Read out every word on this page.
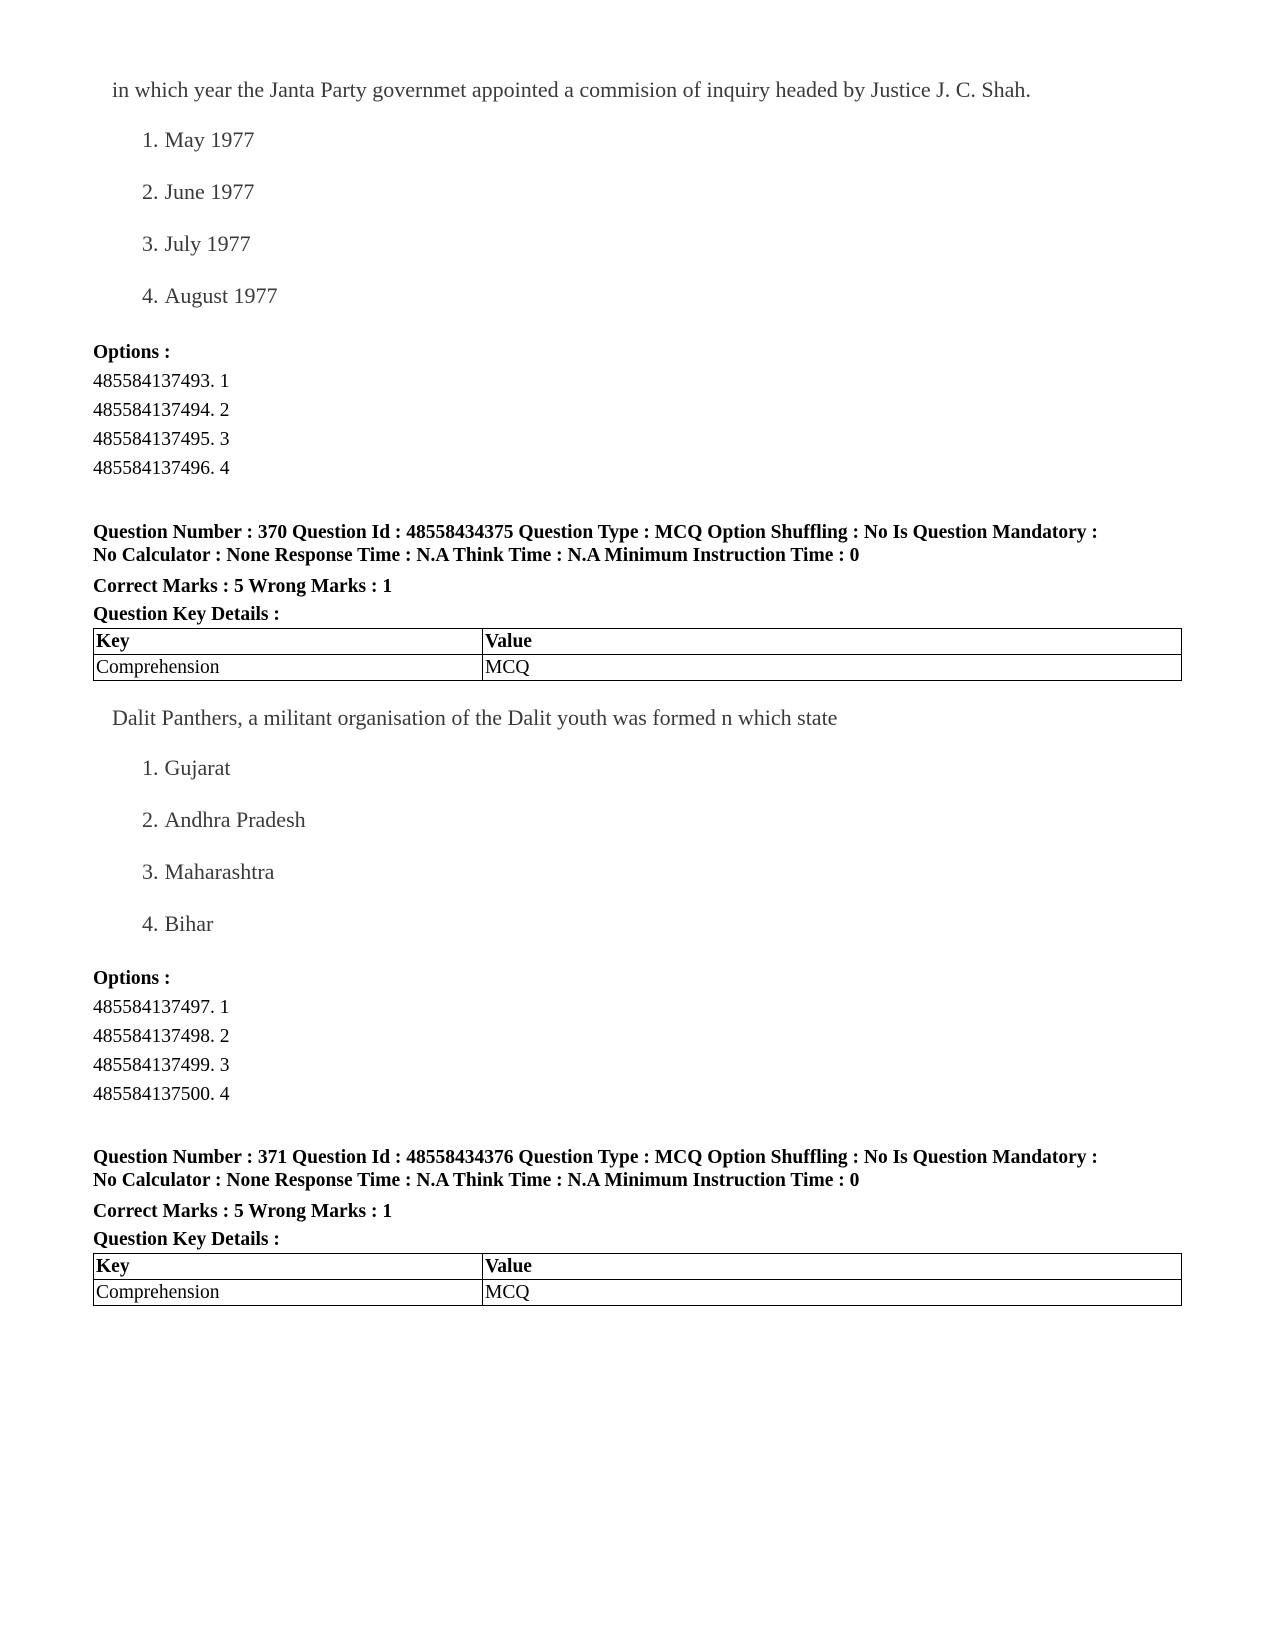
in which year the Janta Party governmet appointed a commision of inquiry headed by Justice J. C. Shah.

1. May 1977
2. June 1977
3. July 1977
4. August 1977
Options :
485584137493. 1
485584137494. 2
485584137495. 3
485584137496. 4
Question Number : 370 Question Id : 48558434375 Question Type : MCQ Option Shuffling : No Is Question Mandatory :
No Calculator : None Response Time : N.A Think Time : N.A Minimum Instruction Time : 0
Correct Marks : 5 Wrong Marks : 1
Question Key Details :
Key	Value
Comprehension	MCQ

Dalit Panthers, a militant organisation of the Dalit youth was formed n which state

1. Gujarat
2. Andhra Pradesh
3. Maharashtra
4. Bihar
Options :
485584137497. 1
485584137498. 2
485584137499. 3
485584137500. 4
Question Number : 371 Question Id : 48558434376 Question Type : MCQ Option Shuffling : No Is Question Mandatory :
No Calculator : None Response Time : N.A Think Time : N.A Minimum Instruction Time : 0
Correct Marks : 5 Wrong Marks : 1
Question Key Details :
Key	Value
Comprehension	MCQ
